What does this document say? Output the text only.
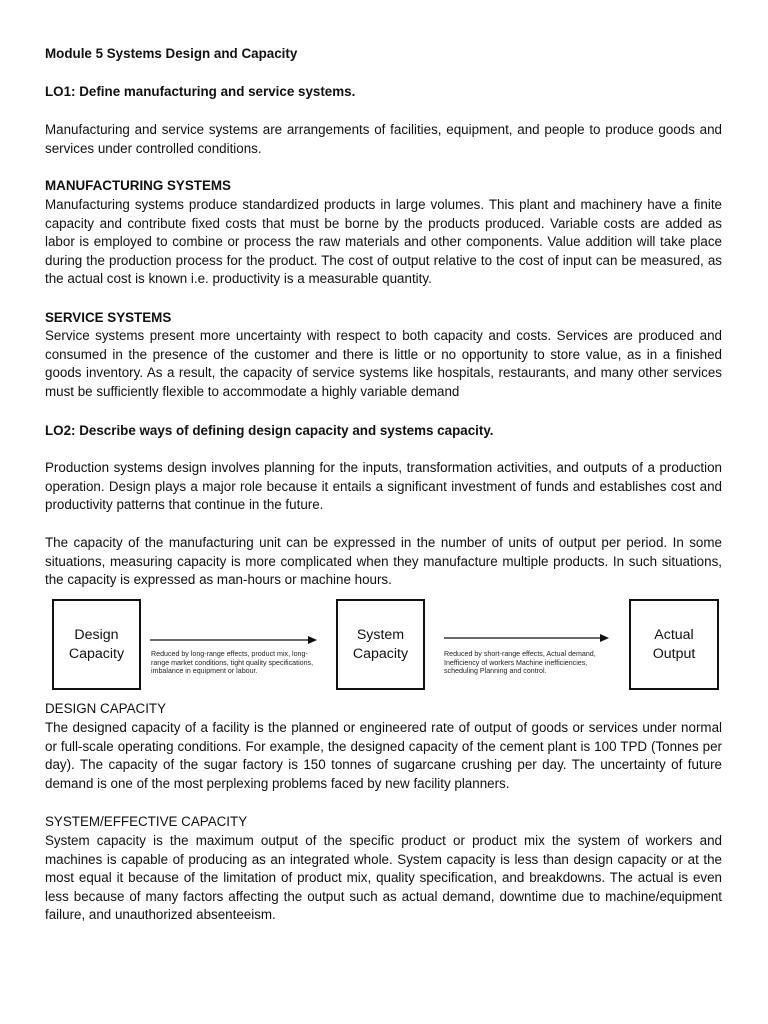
Module 5 Systems Design and Capacity

LO1: Define manufacturing and service systems.

Manufacturing and service systems are arrangements of facilities, equipment, and people to produce goods and services under controlled conditions.

MANUFACTURING SYSTEMS

Manufacturing systems produce standardized products in large volumes. This plant and machinery have a finite capacity and contribute fixed costs that must be borne by the products produced. Variable costs are added as labor is employed to combine or process the raw materials and other components. Value addition will take place during the production process for the product. The cost of output relative to the cost of input can be measured, as the actual cost is known i.e. productivity is a measurable quantity.

SERVICE SYSTEMS

Service systems present more uncertainty with respect to both capacity and costs. Services are produced and consumed in the presence of the customer and there is little or no opportunity to store value, as in a finished goods inventory. As a result, the capacity of service systems like hospitals, restaurants, and many other services must be sufficiently flexible to accommodate a highly variable demand

LO2: Describe ways of defining design capacity and systems capacity.

Production systems design involves planning for the inputs, transformation activities, and outputs of a production operation. Design plays a major role because it entails a significant investment of funds and establishes cost and productivity patterns that continue in the future.

The capacity of the manufacturing unit can be expressed in the number of units of output per period. In some situations, measuring capacity is more complicated when they manufacture multiple products. In such situations, the capacity is expressed as man-hours or machine hours.

Design
Capacity	Reduced by long-range effects, product mix, long-range market conditions, tight quality specifications, imbalance in equipment or labour.
System
Capacity	Reduced by short-range effects, Actual demand, Inefficiency of workers Machine inefficiencies, scheduling Planning and control.
Actual
Output

DESIGN CAPACITY

The designed capacity of a facility is the planned or engineered rate of output of goods or services under normal or full-scale operating conditions. For example, the designed capacity of the cement plant is 100 TPD (Tonnes per day). The capacity of the sugar factory is 150 tonnes of sugarcane crushing per day. The uncertainty of future demand is one of the most perplexing problems faced by new facility planners.

SYSTEM/EFFECTIVE CAPACITY

System capacity is the maximum output of the specific product or product mix the system of workers and machines is capable of producing as an integrated whole. System capacity is less than design capacity or at the most equal it because of the limitation of product mix, quality specification, and breakdowns. The actual is even less because of many factors affecting the output such as actual demand, downtime due to machine/equipment failure, and unauthorized absenteeism.
